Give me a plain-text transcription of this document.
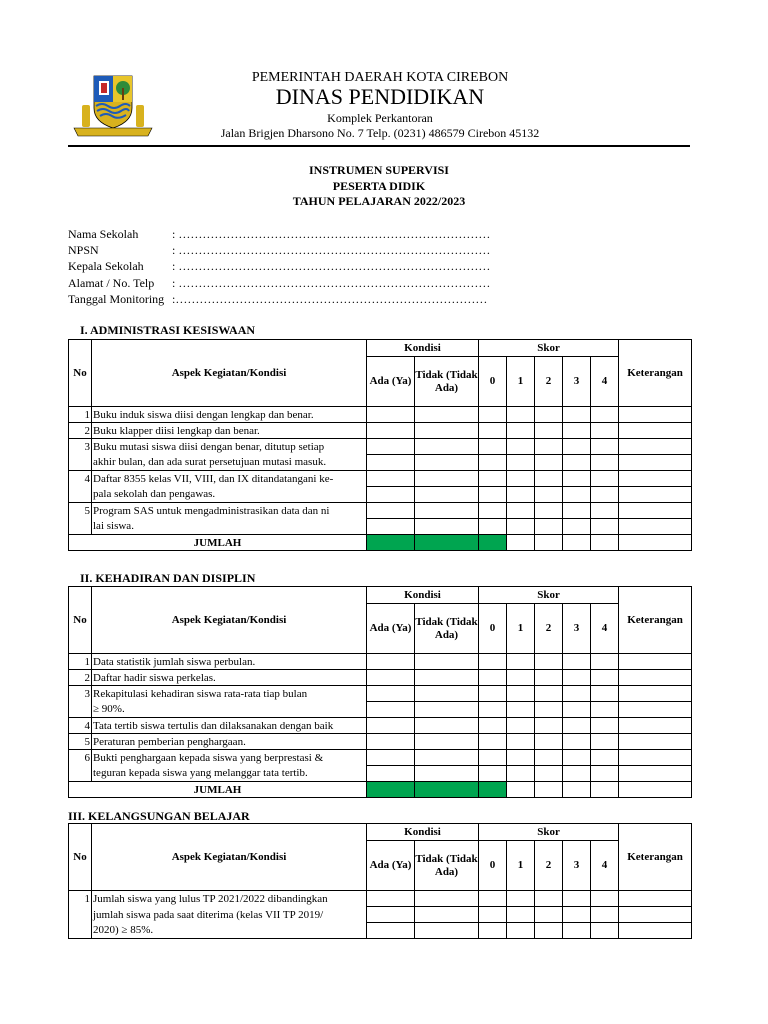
PEMERINTAH DAERAH KOTA CIREBON
DINAS PENDIDIKAN
Komplek Perkantoran
Jalan Brigjen Dharsono No. 7 Telp. (0231) 486579 Cirebon 45132
INSTRUMEN SUPERVISI
PESERTA DIDIK
TAHUN PELAJARAN 2022/2023
Nama Sekolah	:
……………………………………………………………………
NPSN	:
……………………………………………………………………
Kepala Sekolah	:
……………………………………………………………………
Alamat / No. Telp	:
……………………………………………………………………
Tanggal Monitoring : ……………………………………………………………………
I. ADMINISTRASI KESISWAAN
II. KEHADIRAN DAN DISIPLIN
III. KELANGSUNGAN BELAJAR
No	Aspek Kegiatan/Kondisi	Kondisi		Skor					Keterangan
		Ada (Ya)	Tidak (Tidak Ada)	0	1	2	3	4	
1	Buku induk siswa diisi dengan lengkap dan benar.								
2	Buku klapper diisi lengkap dan benar.								
3	Buku mutasi siswa diisi dengan benar, ditutup setiap								
	akhir bulan, dan ada surat persetujuan mutasi masuk.								
4	Daftar 8355 kelas VII, VIII, dan IX ditandatangani ke-								
	pala sekolah dan pengawas.								
5	Program SAS untuk mengadministrasikan data dan ni								
	lai siswa.								
JUMLAH									
No	Aspek Kegiatan/Kondisi	Kondisi		Skor					Keterangan
		Ada (Ya)	Tidak (Tidak Ada)	0	1	2	3	4	
1	Data statistik jumlah siswa perbulan.								
2	Daftar hadir siswa perkelas.								
3	Rekapitulasi kehadiran siswa rata-rata tiap bulan								
	≥ 90%.								
4	Tata tertib siswa tertulis dan dilaksanakan dengan baik								
5	Peraturan pemberian penghargaan.								
6	Bukti penghargaan kepada siswa yang berprestasi &								
	teguran kepada siswa yang melanggar tata tertib.								
JUMLAH									
No	Aspek Kegiatan/Kondisi	Kondisi		Skor					Keterangan
		Ada (Ya)	Tidak (Tidak Ada)	0	1	2	3	4	
1	Jumlah siswa yang lulus TP 2021/2022 dibandingkan								
	jumlah siswa pada saat diterima (kelas VII TP 2019/								
	2020) ≥ 85%.								
